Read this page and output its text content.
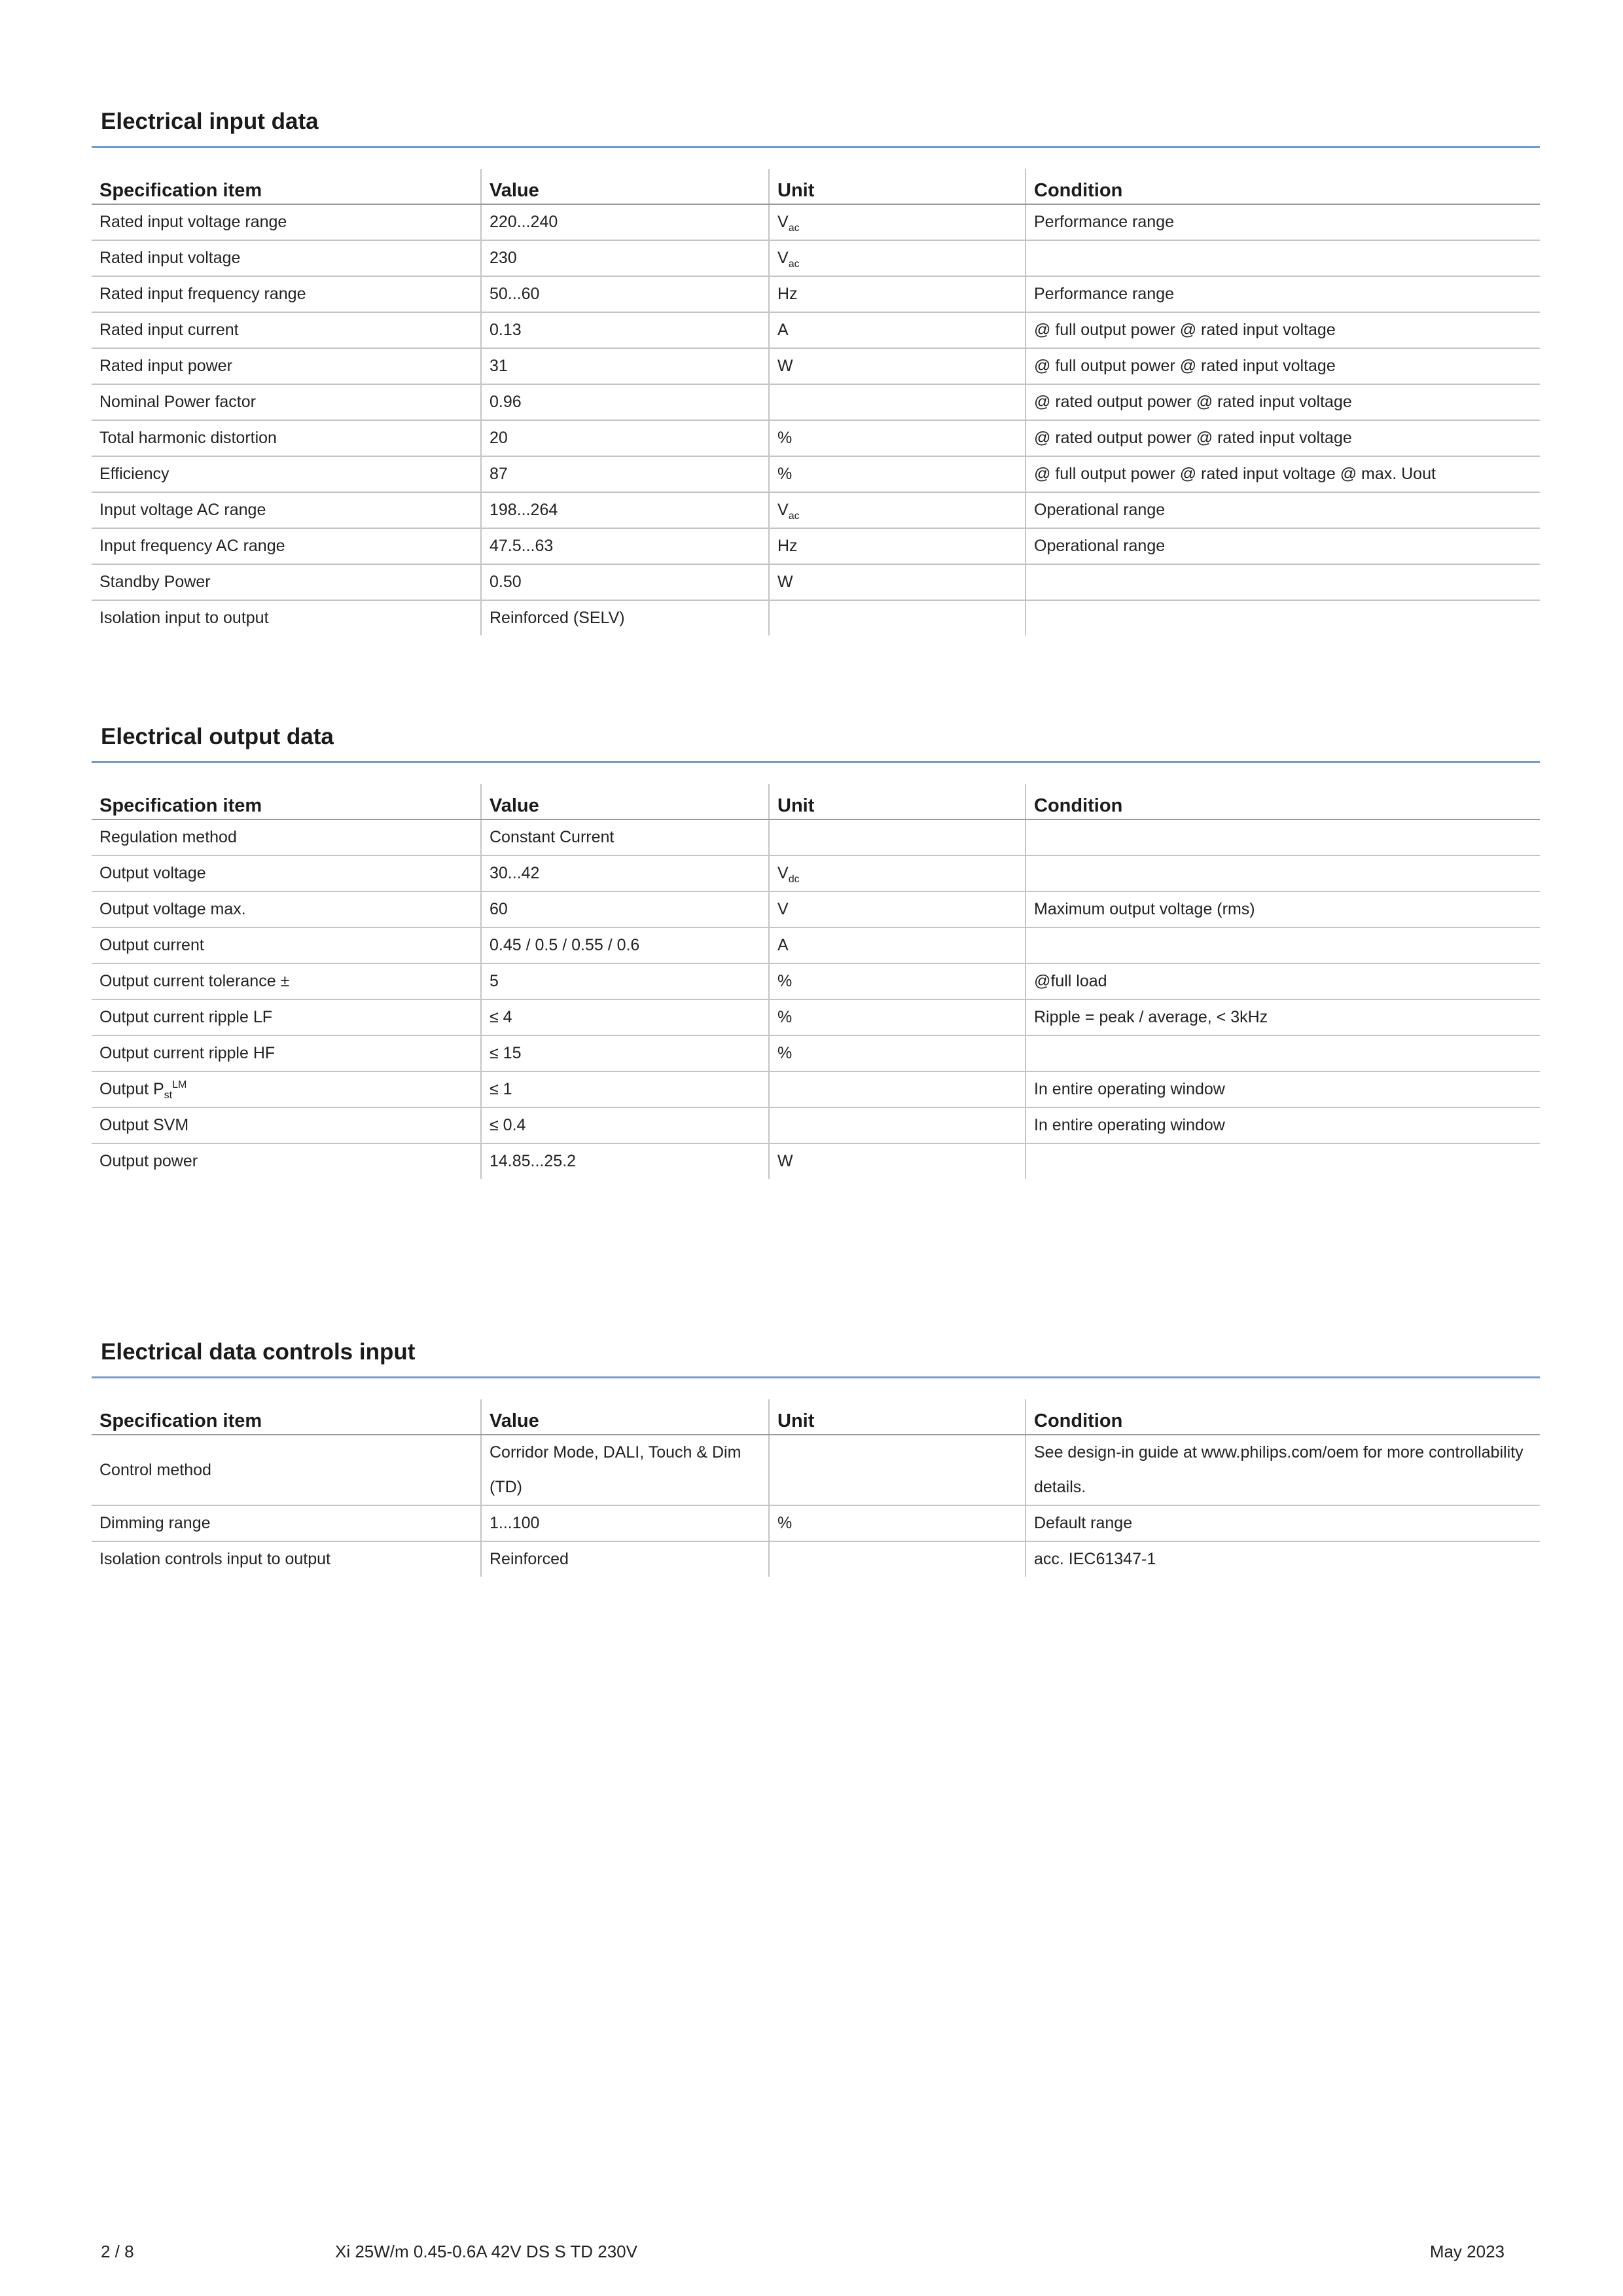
Electrical input data
Specification item	Value	Unit	Condition
Rated input voltage range	220...240	$V_{ac}$	Performance range
Rated input voltage	230	$V_{ac}$	
Rated input frequency range	50...60	Hz	Performance range
Rated input current	0.13	A	@ full output power @ rated input voltage
Rated input power	31	W	@ full output power @ rated input voltage
Nominal Power factor	0.96		@ rated output power @ rated input voltage
Total harmonic distortion	20	%	@ rated output power @ rated input voltage
Efficiency	87	%	@ full output power @ rated input voltage @ max. Uout
Input voltage AC range	198...264	$V_{ac}$	Operational range
Input frequency AC range	47.5...63	Hz	Operational range
Standby Power	0.50	W	
Isolation input to output	Reinforced (SELV)		
Electrical output data
Specification item	Value	Unit	Condition
Regulation method	Constant Current		
Output voltage	30...42	$V_{dc}$	
Output voltage max.	60	V	Maximum output voltage (rms)
Output current	0.45 / 0.5 / 0.55 / 0.6	A	
Output current tolerance ±	5	%	@full load
Output current ripple LF	≤ 4	%	Ripple = peak / average, < 3kHz
Output current ripple HF	≤ 15	%	
Output $P_{st}^{LM}$	≤ 1		In entire operating window
Output SVM	≤ 0.4		In entire operating window
Output power	14.85...25.2	W	
Electrical data controls input
Specification item	Value	Unit	Condition
Control method	Corridor Mode, DALI, Touch & Dim (TD)		See design-in guide at www.philips.com/oem for more controllability details.
Dimming range	1...100	%	Default range
Isolation controls input to output	Reinforced		acc. IEC61347-1
2 / 8	Xi 25W/m 0.45-0.6A 42V DS S TD 230V	May 2023
